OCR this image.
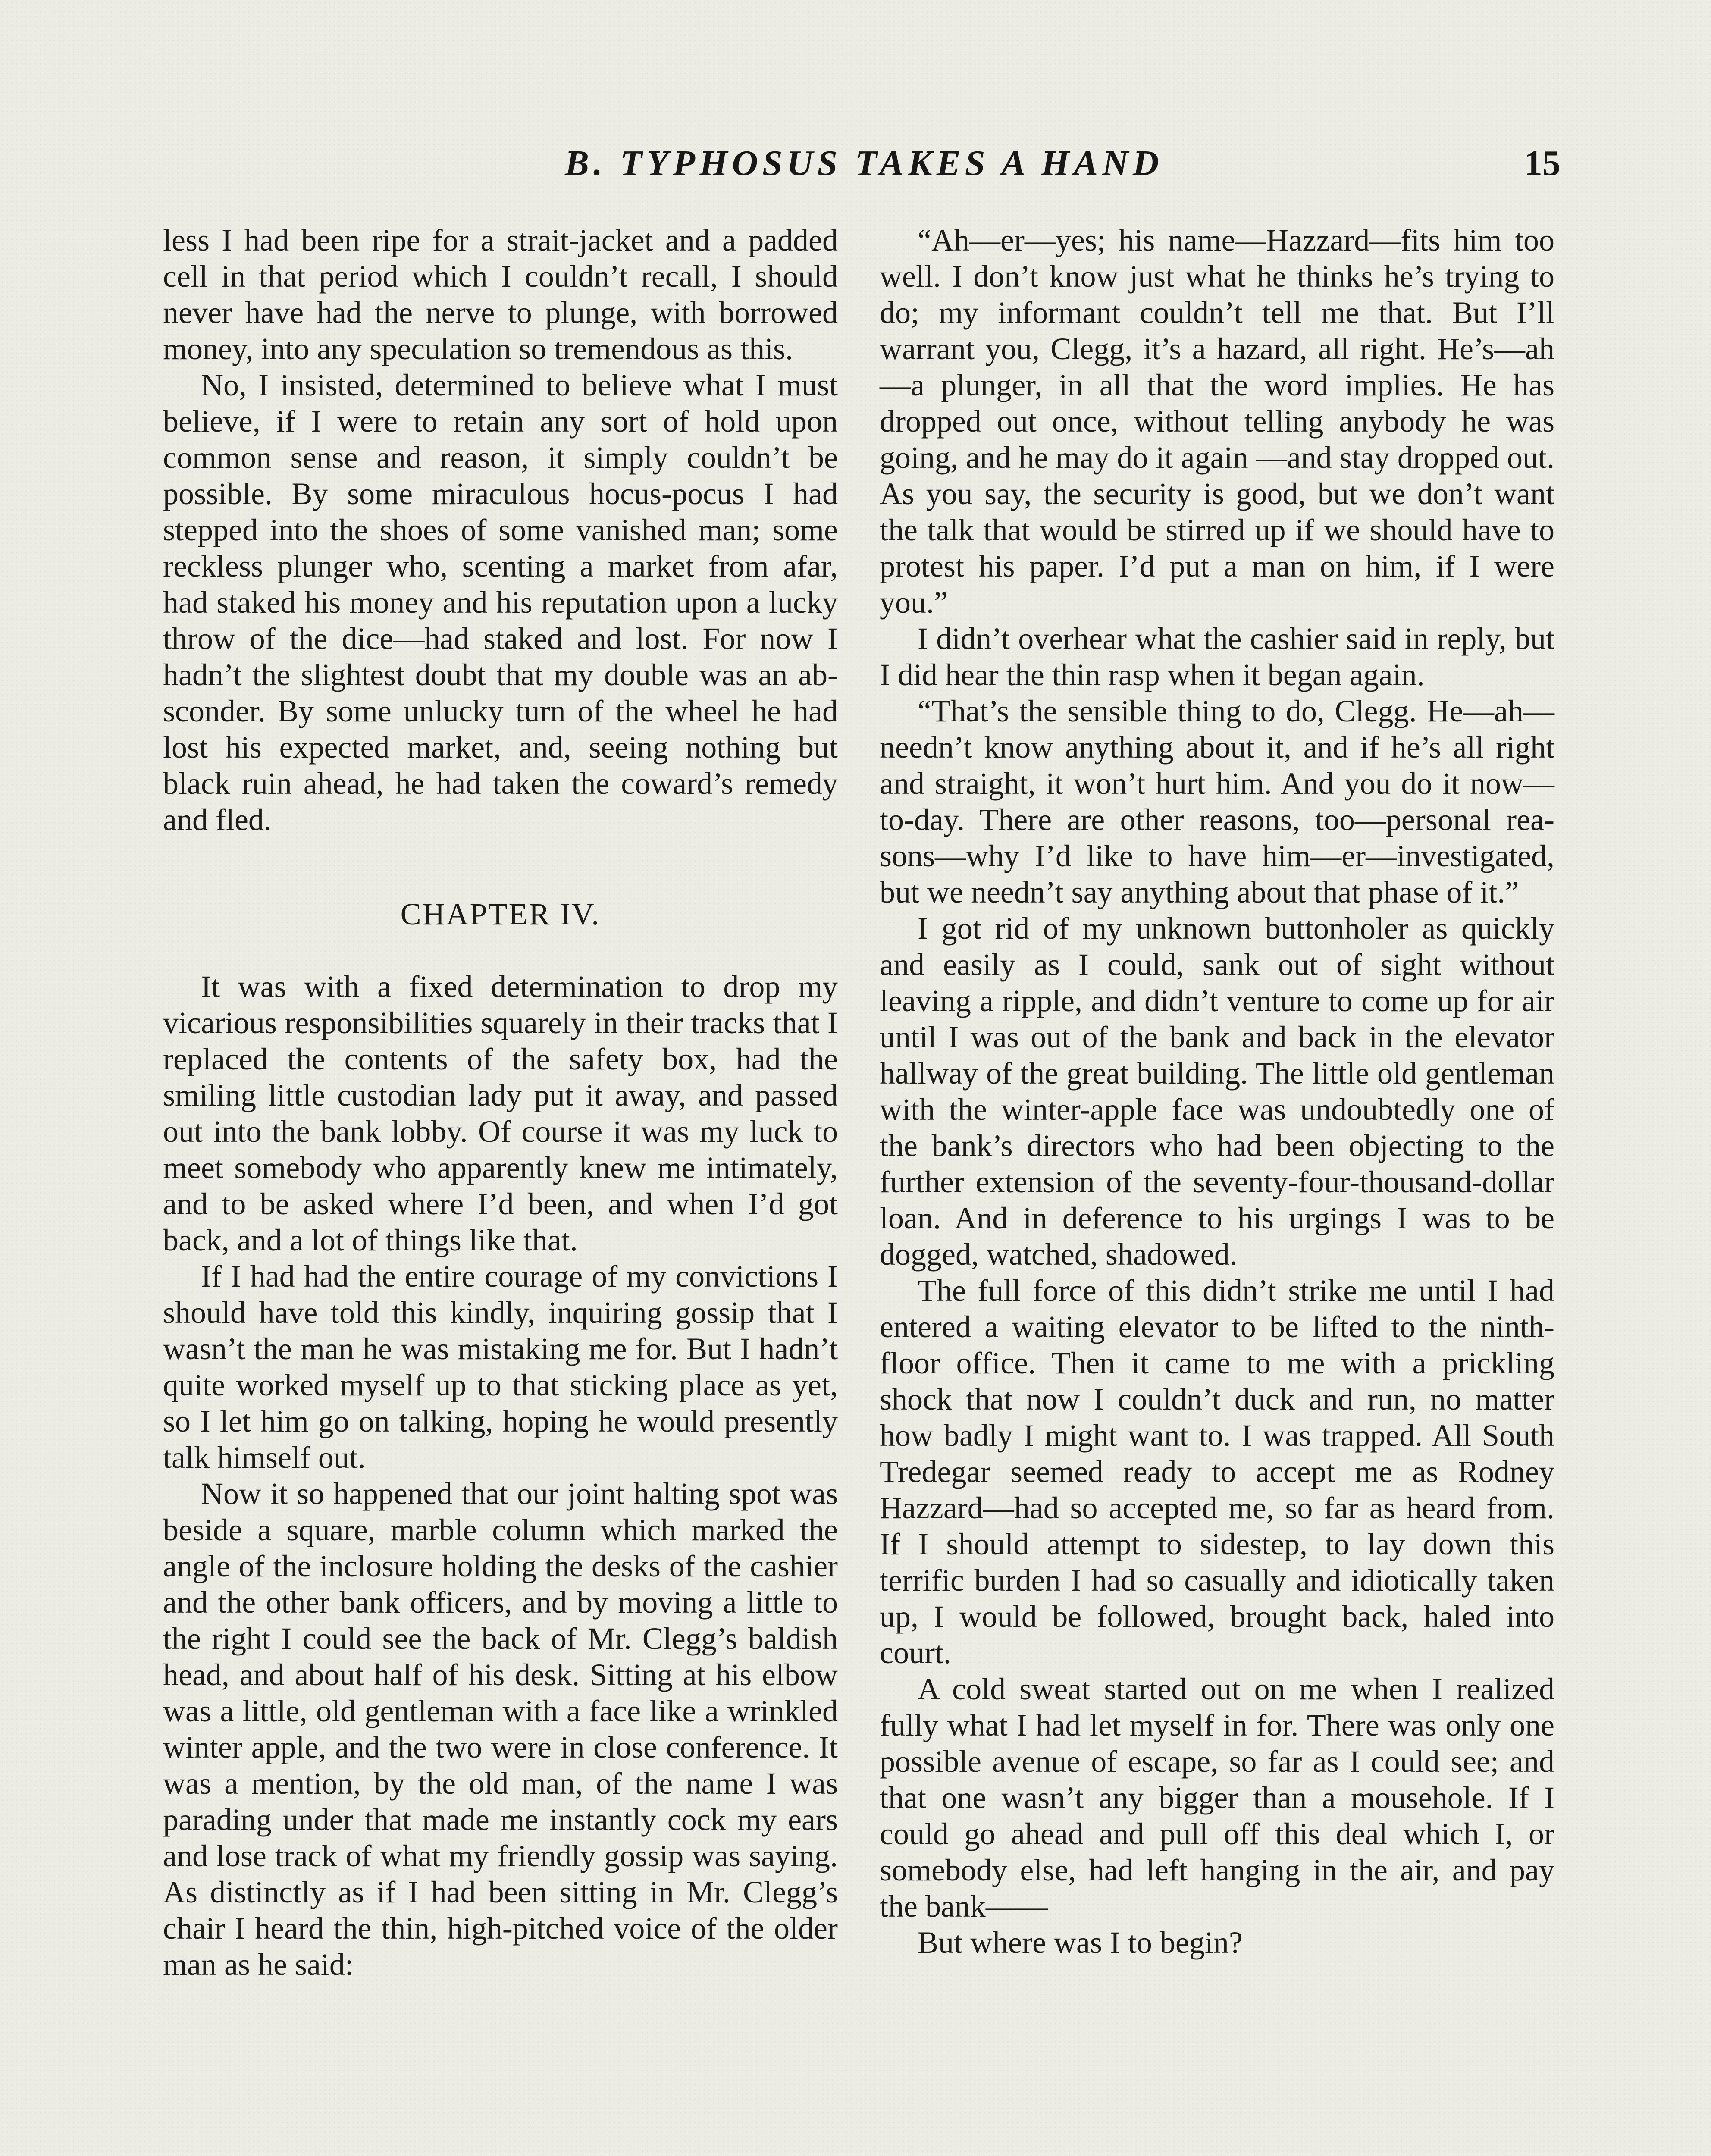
B. TYPHOSUS TAKES A HAND	15

less I had been ripe for a strait-jacket and a padded cell in that period which I couldn’t recall, I should never have had the nerve to plunge, with borrowed money, into any speculation so tremendous as this.

No, I insisted, determined to believe what I must believe, if I were to retain any sort of hold upon common sense and reason, it simply couldn’t be possible. By some miraculous hocus-pocus I had stepped into the shoes of some vanished man; some reckless plunger who, scenting a market from afar, had staked his money and his reputation upon a lucky throw of the dice—had staked and lost. For now I hadn’t the slightest doubt that my double was an absconder. By some unlucky turn of the wheel he had lost his expected market, and, seeing nothing but black ruin ahead, he had taken the coward’s remedy and fled.

CHAPTER IV.

It was with a fixed determination to drop my vicarious responsibilities squarely in their tracks that I replaced the contents of the safety box, had the smiling little custodian lady put it away, and passed out into the bank lobby. Of course it was my luck to meet somebody who apparently knew me intimately, and to be asked where I’d been, and when I’d got back, and a lot of things like that.

If I had had the entire courage of my convictions I should have told this kindly, inquiring gossip that I wasn’t the man he was mistaking me for. But I hadn’t quite worked myself up to that sticking place as yet, so I let him go on talking, hoping he would presently talk himself out.

Now it so happened that our joint halting spot was beside a square, marble column which marked the angle of the inclosure holding the desks of the cashier and the other bank officers, and by moving a little to the right I could see the back of Mr. Clegg’s baldish head, and about half of his desk. Sitting at his elbow was a little, old gentleman with a face like a wrinkled winter apple, and the two were in close conference. It was a mention, by the old man, of the name I was parading under that made me instantly cock my ears and lose track of what my friendly gossip was saying. As distinctly as if I had been sitting in Mr. Clegg’s chair I heard the thin, high-pitched voice of the older man as he said:

“Ah—er—yes; his name—Hazzard—fits him too well. I don’t know just what he thinks he’s trying to do; my informant couldn’t tell me that. But I’ll warrant you, Clegg, it’s a hazard, all right. He’s—ah—a plunger, in all that the word implies. He has dropped out once, without telling anybody he was going, and he may do it again —and stay dropped out. As you say, the security is good, but we don’t want the talk that would be stirred up if we should have to protest his paper. I’d put a man on him, if I were you.”

I didn’t overhear what the cashier said in reply, but I did hear the thin rasp when it began again.

“That’s the sensible thing to do, Clegg. He—ah—needn’t know anything about it, and if he’s all right and straight, it won’t hurt him. And you do it now—to-day. There are other reasons, too—personal reasons—why I’d like to have him—er—investigated, but we needn’t say anything about that phase of it.”

I got rid of my unknown buttonholer as quickly and easily as I could, sank out of sight without leaving a ripple, and didn’t venture to come up for air until I was out of the bank and back in the elevator hallway of the great building. The little old gentleman with the winter-apple face was undoubtedly one of the bank’s directors who had been objecting to the further extension of the seventy-four-thousand-dollar loan. And in deference to his urgings I was to be dogged, watched, shadowed.

The full force of this didn’t strike me until I had entered a waiting elevator to be lifted to the ninth-floor office. Then it came to me with a prickling shock that now I couldn’t duck and run, no matter how badly I might want to. I was trapped. All South Tredegar seemed ready to accept me as Rodney Hazzard—had so accepted me, so far as heard from. If I should attempt to sidestep, to lay down this terrific burden I had so casually and idiotically taken up, I would be followed, brought back, haled into court.

A cold sweat started out on me when I realized fully what I had let myself in for. There was only one possible avenue of escape, so far as I could see; and that one wasn’t any bigger than a mousehole. If I could go ahead and pull off this deal which I, or somebody else, had left hanging in the air, and pay the bank——

But where was I to begin?
